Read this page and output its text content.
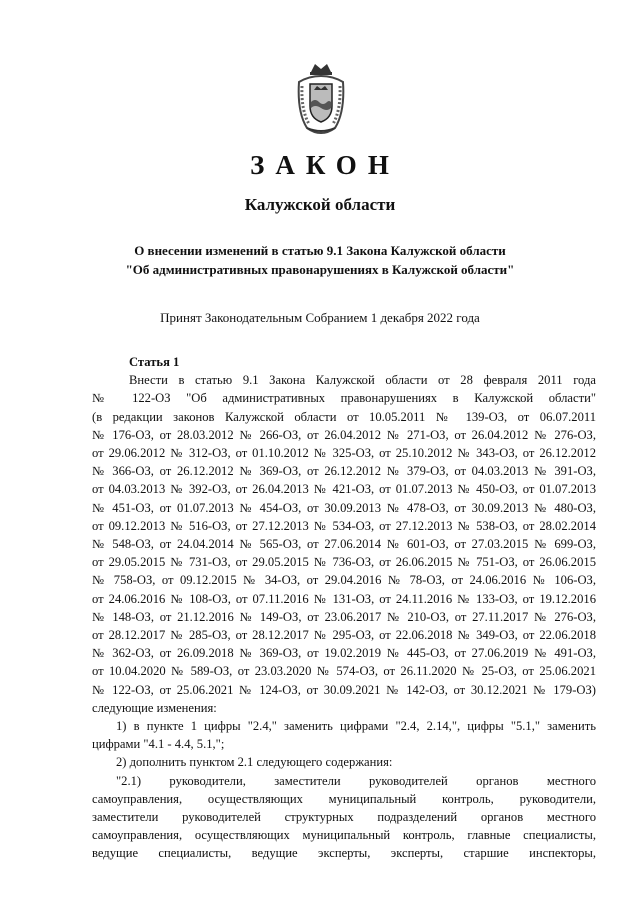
ЗАКОН
Калужской области
О внесении изменений в статью 9.1 Закона Калужской области
"Об административных правонарушениях в Калужской области"
Принят Законодательным Собранием 1 декабря 2022 года
Статья 1
Внести в статью 9.1 Закона Калужской области от 28 февраля 2011 года
№ 122-ОЗ "Об административных правонарушениях в Калужской области"
(в редакции законов Калужской области от 10.05.2011 № 139-ОЗ, от 06.07.2011
№ 176-ОЗ, от 28.03.2012 № 266-ОЗ, от 26.04.2012 № 271-ОЗ, от 26.04.2012 № 276-ОЗ,
от 29.06.2012 № 312-ОЗ, от 01.10.2012 № 325-ОЗ, от 25.10.2012 № 343-ОЗ, от 26.12.2012
№ 366-ОЗ, от 26.12.2012 № 369-ОЗ, от 26.12.2012 № 379-ОЗ, от 04.03.2013 № 391-ОЗ,
от 04.03.2013 № 392-ОЗ, от 26.04.2013 № 421-ОЗ, от 01.07.2013 № 450-ОЗ, от 01.07.2013
№ 451-ОЗ, от 01.07.2013 № 454-ОЗ, от 30.09.2013 № 478-ОЗ, от 30.09.2013 № 480-ОЗ,
от 09.12.2013 № 516-ОЗ, от 27.12.2013 № 534-ОЗ, от 27.12.2013 № 538-ОЗ, от 28.02.2014
№ 548-ОЗ, от 24.04.2014 № 565-ОЗ, от 27.06.2014 № 601-ОЗ, от 27.03.2015 № 699-ОЗ,
от 29.05.2015 № 731-ОЗ, от 29.05.2015 № 736-ОЗ, от 26.06.2015 № 751-ОЗ, от 26.06.2015
№ 758-ОЗ, от 09.12.2015 № 34-ОЗ, от 29.04.2016 № 78-ОЗ, от 24.06.2016 № 106-ОЗ,
от 24.06.2016 № 108-ОЗ, от 07.11.2016 № 131-ОЗ, от 24.11.2016 № 133-ОЗ, от 19.12.2016
№ 148-ОЗ, от 21.12.2016 № 149-ОЗ, от 23.06.2017 № 210-ОЗ, от 27.11.2017 № 276-ОЗ,
от 28.12.2017 № 285-ОЗ, от 28.12.2017 № 295-ОЗ, от 22.06.2018 № 349-ОЗ, от 22.06.2018
№ 362-ОЗ, от 26.09.2018 № 369-ОЗ, от 19.02.2019 № 445-ОЗ, от 27.06.2019 № 491-ОЗ,
от 10.04.2020 № 589-ОЗ, от 23.03.2020 № 574-ОЗ, от 26.11.2020 № 25-ОЗ, от 25.06.2021
№ 122-ОЗ, от 25.06.2021 № 124-ОЗ, от 30.09.2021 № 142-ОЗ, от 30.12.2021 № 179-ОЗ)
следующие изменения:
1) в пункте 1 цифры "2.4," заменить цифрами "2.4, 2.14,", цифры "5.1," заменить
цифрами "4.1 - 4.4, 5.1,";
2) дополнить пунктом 2.1 следующего содержания:
"2.1) руководители, заместители руководителей органов местного
самоуправления, осуществляющих муниципальный контроль, руководители,
заместители руководителей структурных подразделений органов местного
самоуправления, осуществляющих муниципальный контроль, главные специалисты,
ведущие специалисты, ведущие эксперты, эксперты, старшие инспекторы,
